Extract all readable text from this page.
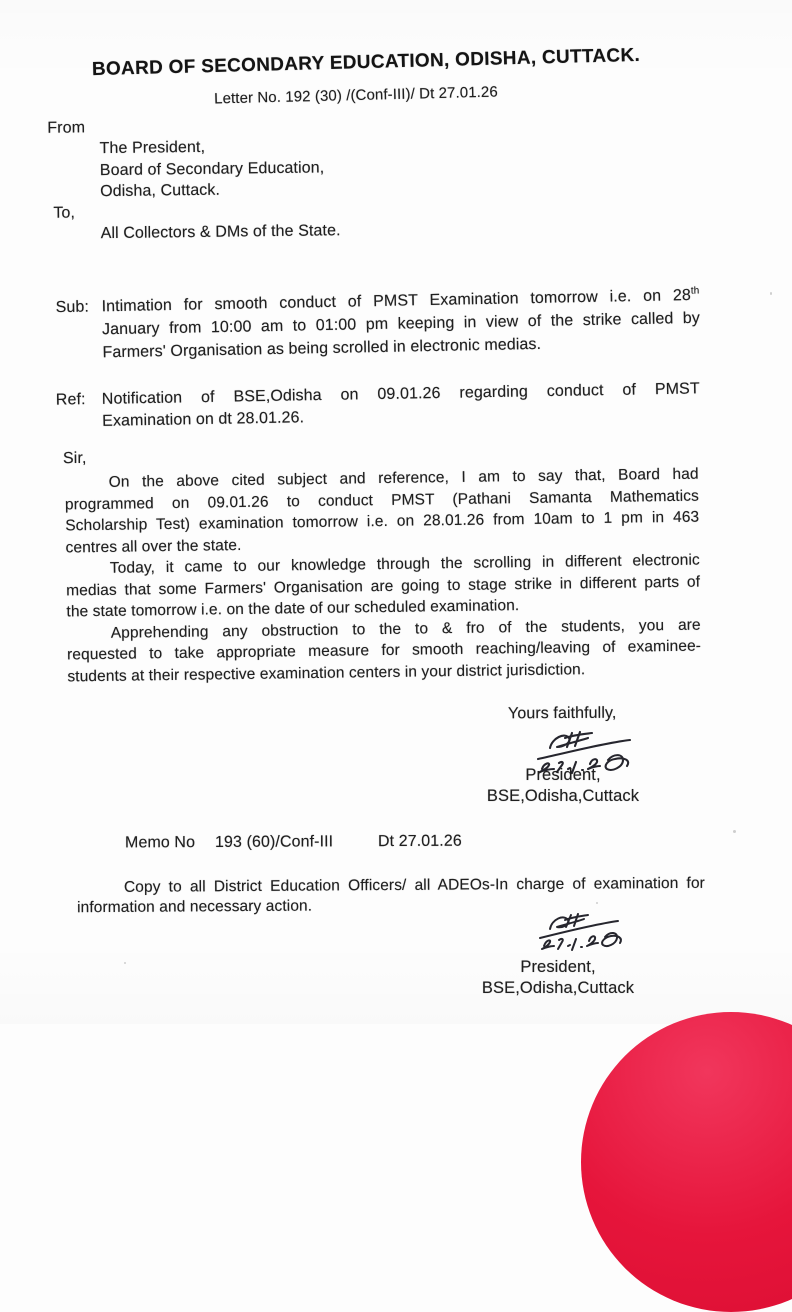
BOARD OF SECONDARY EDUCATION, ODISHA, CUTTACK.
Letter No. 192 (30) /(Conf-III)/ Dt 27.01.26
From
The President,
Board of Secondary Education,
Odisha, Cuttack.
To,
All Collectors & DMs of the State.
Sub: Intimation for smooth conduct of PMST Examination tomorrow i.e. on 28th
January from 10:00 am to 01:00 pm keeping in view of the strike called by
Farmers' Organisation as being scrolled in electronic medias.
Ref: Notification of BSE,Odisha on 09.01.26 regarding conduct of PMST
Examination on dt 28.01.26.
Sir,
On the above cited subject and reference, I am to say that, Board had
programmed on 09.01.26 to conduct PMST (Pathani Samanta Mathematics
Scholarship Test) examination tomorrow i.e. on 28.01.26 from 10am to 1 pm in 463
centres all over the state.
Today, it came to our knowledge through the scrolling in different electronic
medias that some Farmers' Organisation are going to stage strike in different parts of
the state tomorrow i.e. on the date of our scheduled examination.
Apprehending any obstruction to the to & fro of the students, you are
requested to take appropriate measure for smooth reaching/leaving of examinee-
students at their respective examination centers in your district jurisdiction.
Yours faithfully,
President,
BSE,Odisha,Cuttack
Memo No 193 (60)/Conf-III	Dt 27.01.26
Copy to all District Education Officers/ all ADEOs-In charge of examination for
information and necessary action.
President,
BSE,Odisha,Cuttack
